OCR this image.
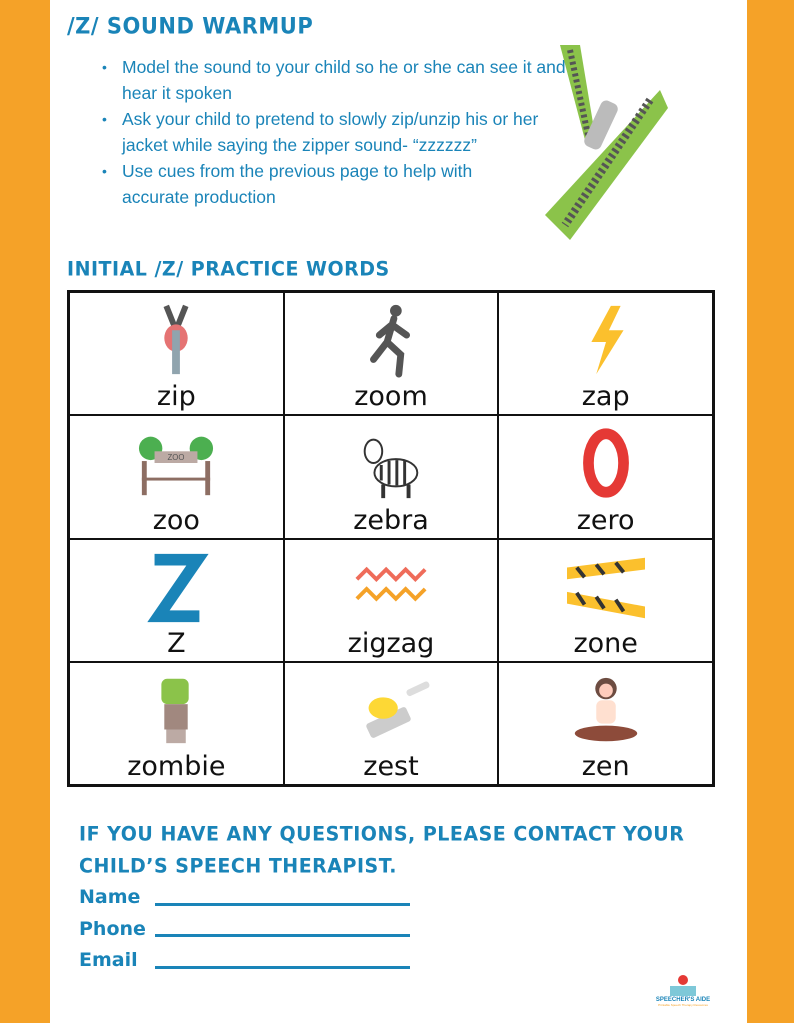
/Z/ SOUND WARMUP
• Model the sound to your child so he or she can see it and hear it spoken
• Ask your child to pretend to slowly zip/unzip his or her jacket while saying the zipper sound- “zzzzzz”
• Use cues from the previous page to help with accurate production
INITIAL /Z/ PRACTICE WORDS
zip	zoom	zap
ZOO
zoo	zebra	zero
Z	zigzag	zone
zombie	zest	zen
IF YOU HAVE ANY QUESTIONS, PLEASE CONTACT YOUR
CHILD’S SPEECH THERAPIST.
Name
Phone
Email
SPEECHER'S AIDE
Printable Speech Therapy Resources
